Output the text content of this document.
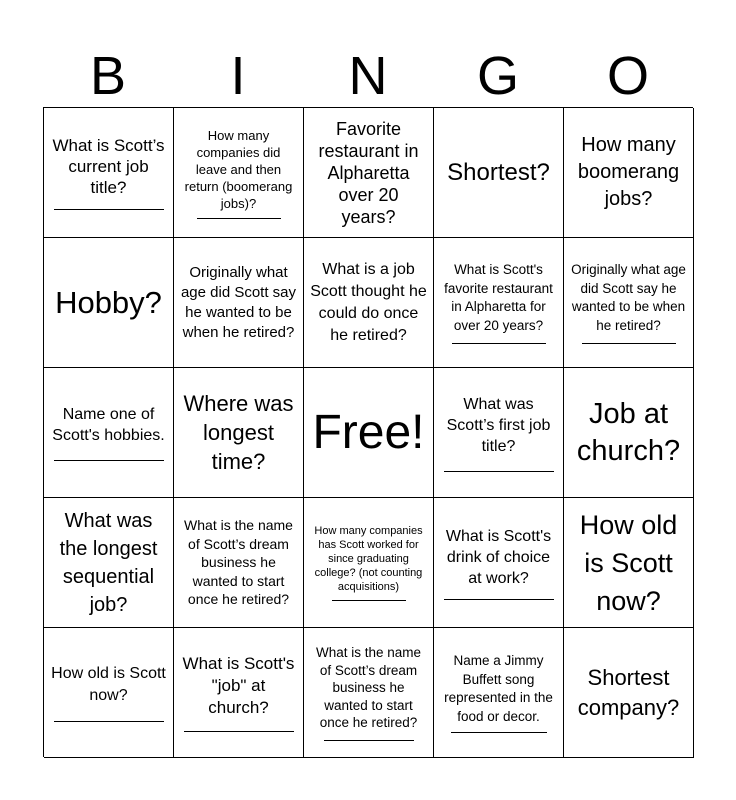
B	I	N	G	O
What is Scott’s current job title?
How many companies did leave and then return (boomerang jobs)?
Favorite restaurant in Alpharetta over 20 years?
Shortest?
How many boomerang jobs?
Hobby?
Originally what age did Scott say he wanted to be when he retired?
What is a job Scott thought he could do once he retired?
What is Scott's favorite restaurant in Alpharetta for over 20 years?
Originally what age did Scott say he wanted to be when he retired?
Name one of Scott's hobbies.
Where was longest time?
Free!
What was Scott’s first job title?
Job at church?
What was the longest sequential job?
What is the name of Scott’s dream business he wanted to start once he retired?
How many companies has Scott worked for since graduating college? (not counting acquisitions)
What is Scott's drink of choice at work?
How old is Scott now?
How old is Scott now?
What is Scott's "job" at church?
What is the name of Scott’s dream business he wanted to start once he retired?
Name a Jimmy Buffett song represented in the food or decor.
Shortest company?
